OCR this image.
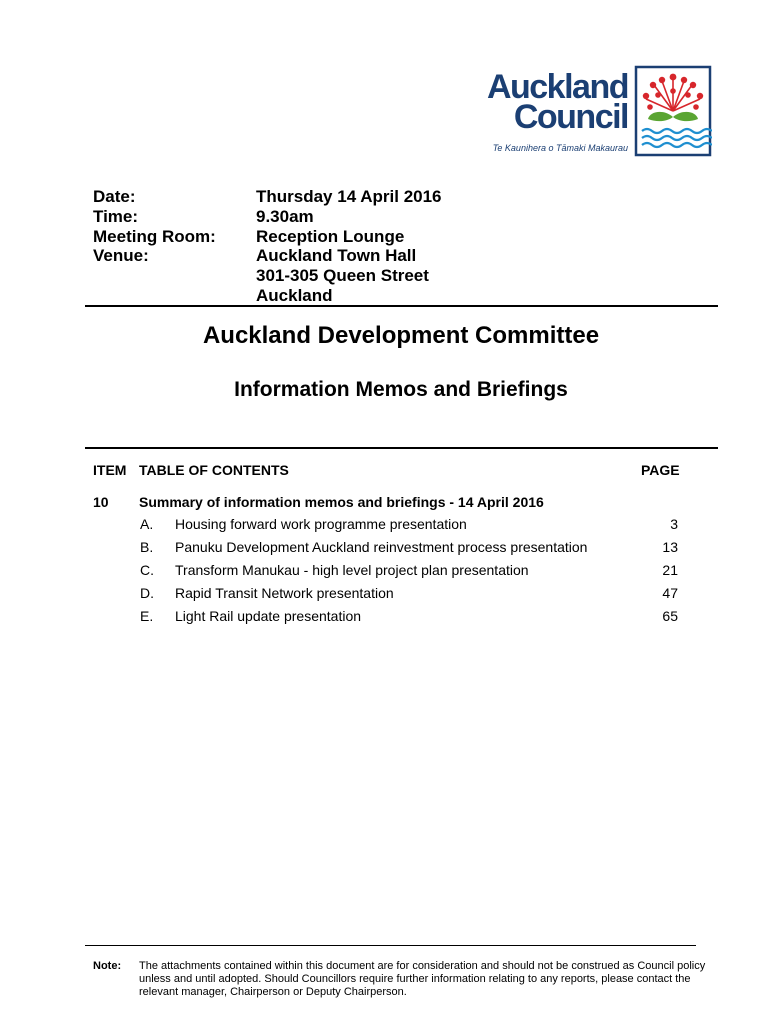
Auckland
Council
Te Kaunihera o Tāmaki Makaurau
Date:	Thursday 14 April 2016
Time:	9.30am
Meeting Room: Reception Lounge
Venue:	Auckland Town Hall
301-305 Queen Street
Auckland
Auckland Development Committee
Information Memos and Briefings
ITEM TABLE OF CONTENTS	PAGE
10 Summary of information memos and briefings - 14 April 2016
A. Housing forward work programme presentation	3
B. Panuku Development Auckland reinvestment process presentation	13
C. Transform Manukau - high level project plan presentation	21
D. Rapid Transit Network presentation	47
E. Light Rail update presentation	65
Note: The attachments contained within this document are for consideration and should not be construed as Council policy unless and until adopted. Should Councillors require further information relating to any reports, please contact the relevant manager, Chairperson or Deputy Chairperson.
